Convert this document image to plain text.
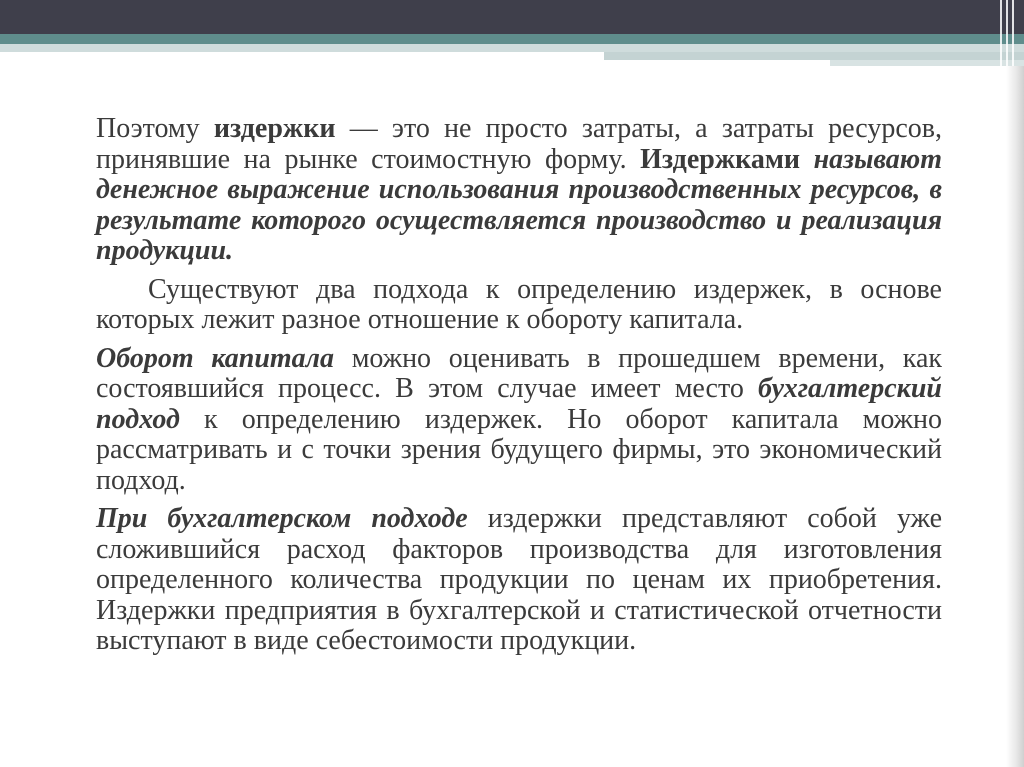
Поэтому издержки — это не просто затраты, а затраты ресурсов, принявшие на рынке стоимостную форму. Издержками называют денежное выражение использования производственных ресурсов, в результате которого осуществляется производство и реализация продукции.

Существуют два подхода к определению издержек, в основе которых лежит разное отношение к обороту капитала.

Оборот капитала можно оценивать в прошедшем времени, как состоявшийся процесс. В этом случае имеет место бухгалтерский подход к определению издержек. Но оборот капитала можно рассматривать и с точки зрения будущего фирмы, это экономический подход.

При бухгалтерском подходе издержки представляют собой уже сложившийся расход факторов производства для изготовления определенного количества продукции по ценам их приобретения. Издержки предприятия в бухгалтерской и статистической отчетности выступают в виде себестоимости продукции.
